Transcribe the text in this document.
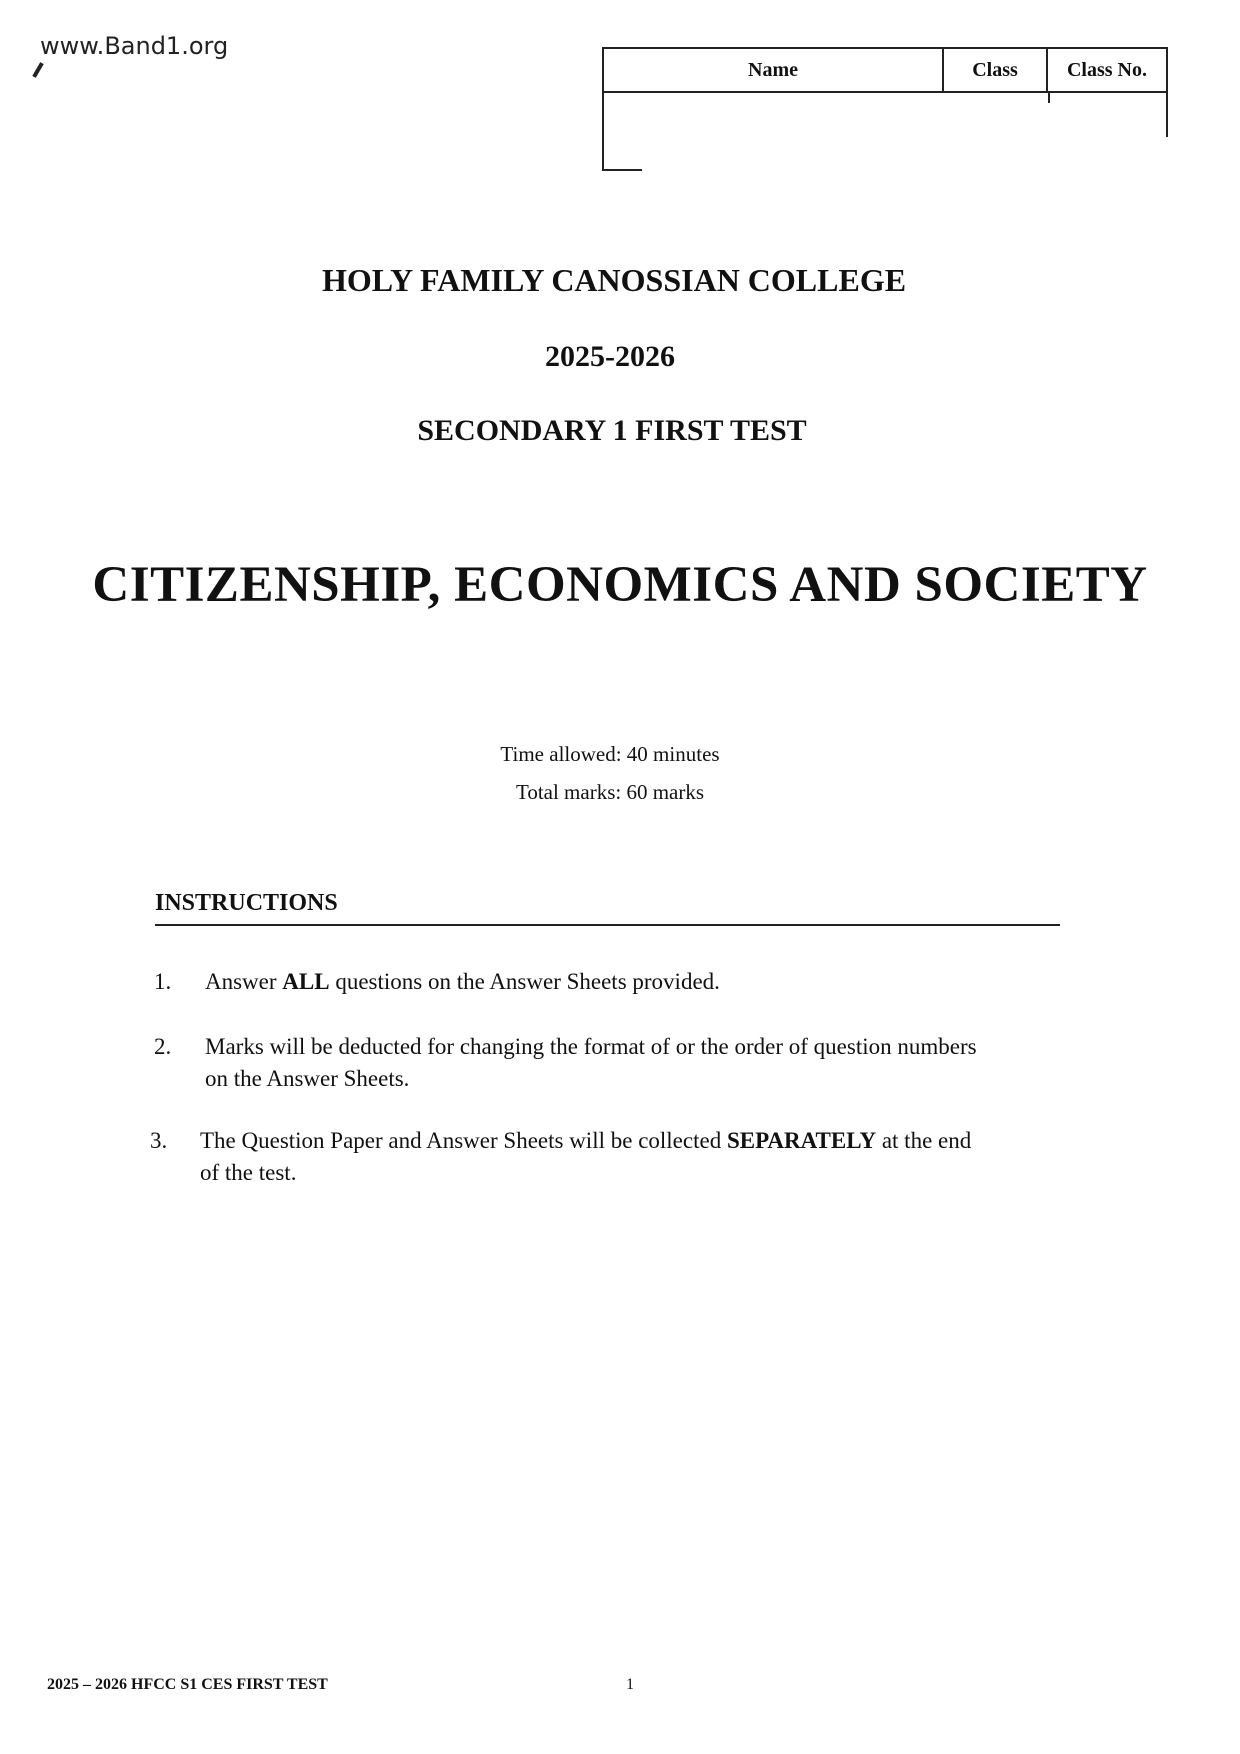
www.Band1.org
Name	Class	Class No.
HOLY FAMILY CANOSSIAN COLLEGE
2025-2026
SECONDARY 1 FIRST TEST
CITIZENSHIP, ECONOMICS AND SOCIETY
Time allowed: 40 minutes
Total marks: 60 marks
INSTRUCTIONS
1. Answer ALL questions on the Answer Sheets provided.
2. Marks will be deducted for changing the format of or the order of question numbers
on the Answer Sheets.
3. The Question Paper and Answer Sheets will be collected SEPARATELY at the end
of the test.
2025 – 2026 HFCC S1 CES FIRST TEST	1
